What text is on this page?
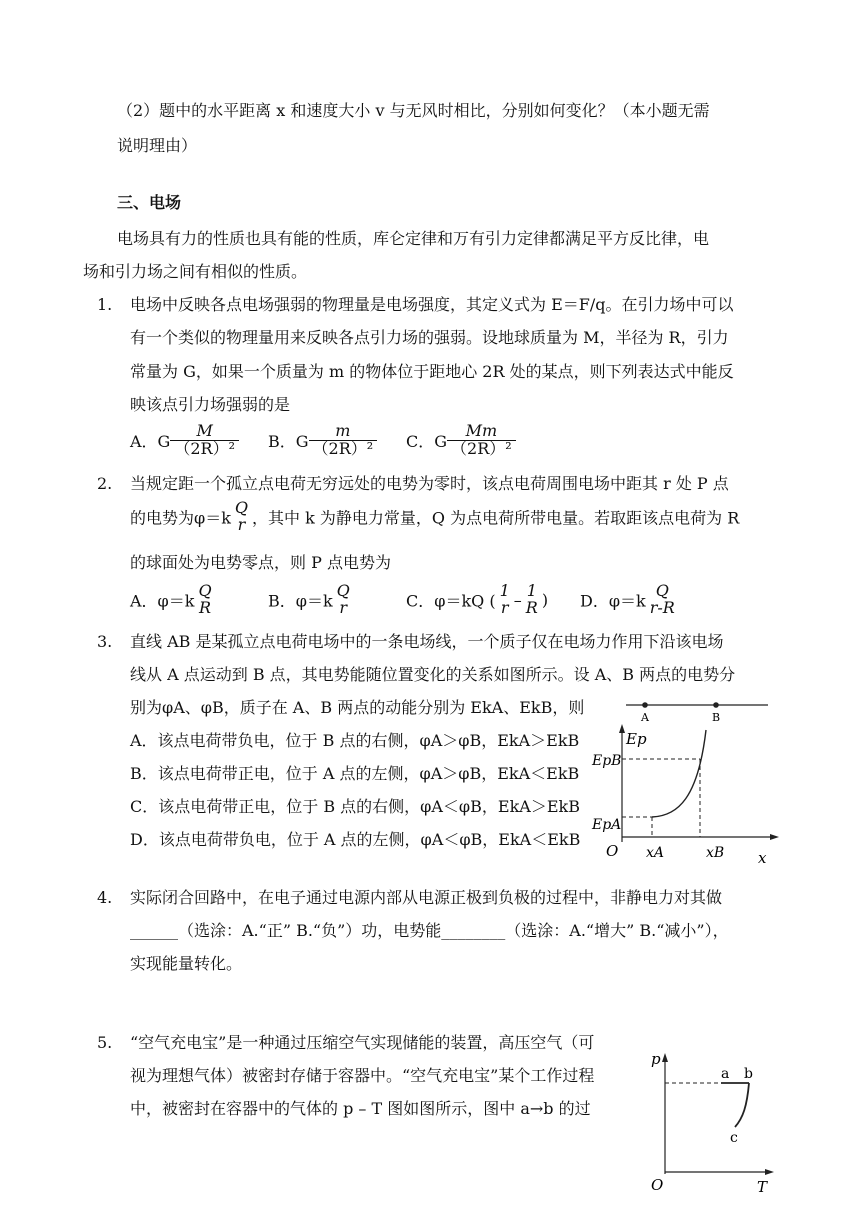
（2）题中的水平距离 x 和速度大小 v 与无风时相比，分别如何变化？（本小题无需
说明理由）
三、电场
电场具有力的性质也具有能的性质，库仑定律和万有引力定律都满足平方反比律，电
场和引力场之间有相似的性质。
1. 电场中反映各点电场强弱的物理量是电场强度，其定义式为 E＝F/q。在引力场中可以
有一个类似的物理量用来反映各点引力场的强弱。设地球质量为 M，半径为 R，引力
常量为 G，如果一个质量为 m 的物体位于距地心 2R 处的某点，则下列表达式中能反
映该点引力场强弱的是
A．G $\frac{M}{\text{（2R）²}}$ B．G $\frac{m}{\text{（2R）²}}$ C．G $\frac{Mm}{\text{（2R）²}}$
2. 当规定距一个孤立点电荷无穷远处的电势为零时，该点电荷周围电场中距其 r 处 P 点
的电势为φ＝k
Q
r ，其中 k 为静电力常量，Q 为点电荷所带电量。若取距该点电荷为 R
的球面处为电势零点，则 P 点电势为
A．φ＝k
Q
R	B．φ＝k
Q
r	C．φ＝kQ (
1
r – 1
R ) D．φ＝k
Q
r-R
3. 直线 AB 是某孤立点电荷电场中的一条电场线，一个质子仅在电场力作用下沿该电场
线从 A 点运动到 B 点，其电势能随位置变化的关系如图所示。设 A、B 两点的电势分
别为φA、φB，质子在 A、B 两点的动能分别为 EkA、EkB，则
A．该点电荷带负电，位于 B 点的右侧，φA＞φB，EkA＞EkB
B．该点电荷带正电，位于 A 点的左侧，φA＞φB，EkA＜EkB
C．该点电荷带正电，位于 B 点的右侧，φA＜φB，EkA＞EkB
D．该点电荷带负电，位于 A 点的左侧，φA＜φB，EkA＜EkB
A	B
Ep
EpB
EpA
O xA	xB x
4. 实际闭合回路中，在电子通过电源内部从电源正极到负极的过程中，非静电力对其做
______（选涂：A.“正” B.“负”）功，电势能________（选涂：A.“增大” B.“减小”），
实现能量转化。
5. “空气充电宝”是一种通过压缩空气实现储能的装置，高压空气（可
视为理想气体）被密封存储于容器中。“空气充电宝”某个工作过程
中，被密封在容器中的气体的 p – T 图如图所示，图中 a→b 的过
p
O	T
a b
c
